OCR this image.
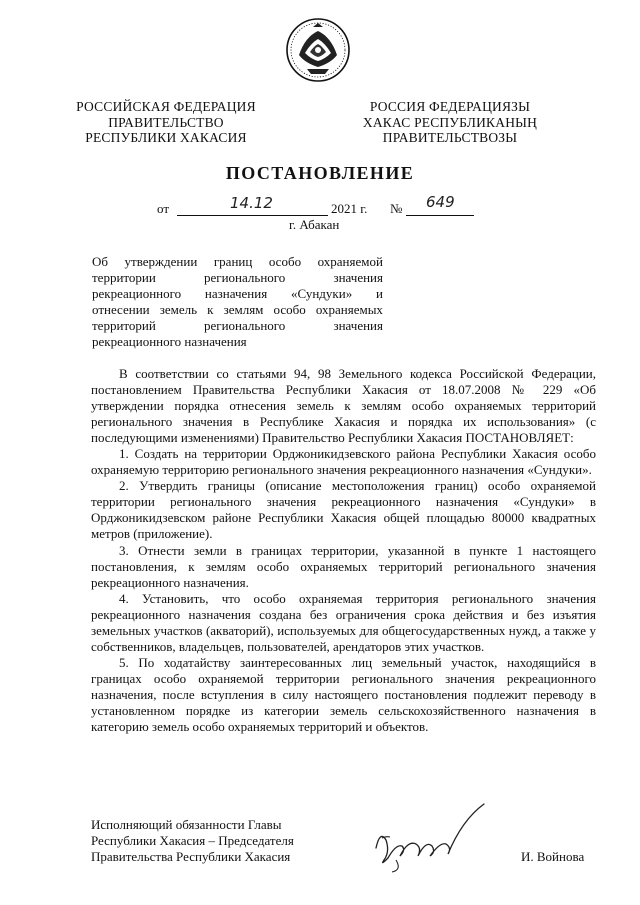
РОССИЙСКАЯ ФЕДЕРАЦИЯ
ПРАВИТЕЛЬСТВО
РЕСПУБЛИКИ ХАКАСИЯ
РОССИЯ ФЕДЕРАЦИЯЗЫ
ХАКАС РЕСПУБЛИКАНЫҢ
ПРАВИТЕЛЬСТВОЗЫ
ПОСТАНОВЛЕНИЕ
от	14.12	2021 г. № 649
г. Абакан
Об утверждении границ особо охраняемой
территории	регионального	значения
рекреационного назначения «Сундуки» и
отнесении земель к землям особо охраняемых
территорий	регионального	значения
рекреационного назначения

В соответствии со статьями 94, 98 Земельного кодекса Российской Федерации, постановлением Правительства Республики Хакасия от 18.07.2008 № 229 «Об утверждении порядка отнесения земель к землям особо охраняемых территорий регионального значения в Республике Хакасия и порядка их использования» (с последующими изменениями) Правительство Республики Хакасия ПОСТАНОВЛЯЕТ:

1. Создать на территории Орджоникидзевского района Республики Хакасия особо охраняемую территорию регионального значения рекреационного назначения «Сундуки».

2. Утвердить границы (описание местоположения границ) особо охраняемой территории регионального значения рекреационного назначения «Сундуки» в Орджоникидзевском районе Республики Хакасия общей площадью 80000 квадратных метров (приложение).

3. Отнести земли в границах территории, указанной в пункте 1 настоящего постановления, к землям особо охраняемых территорий регионального значения рекреационного назначения.

4. Установить, что особо охраняемая территория регионального значения рекреационного назначения создана без ограничения срока действия и без изъятия земельных участков (акваторий), используемых для общегосударственных нужд, а также у собственников, владельцев, пользователей, арендаторов этих участков.

5. По ходатайству заинтересованных лиц земельный участок, находящийся в границах особо охраняемой территории регионального значения рекреационного назначения, после вступления в силу настоящего постановления подлежит переводу в установленном порядке из категории земель сельскохозяйственного назначения в категорию земель особо охраняемых территорий и объектов.

Исполняющий обязанности Главы
Республики Хакасия – Председателя
Правительства Республики Хакасия	И. Войнова
